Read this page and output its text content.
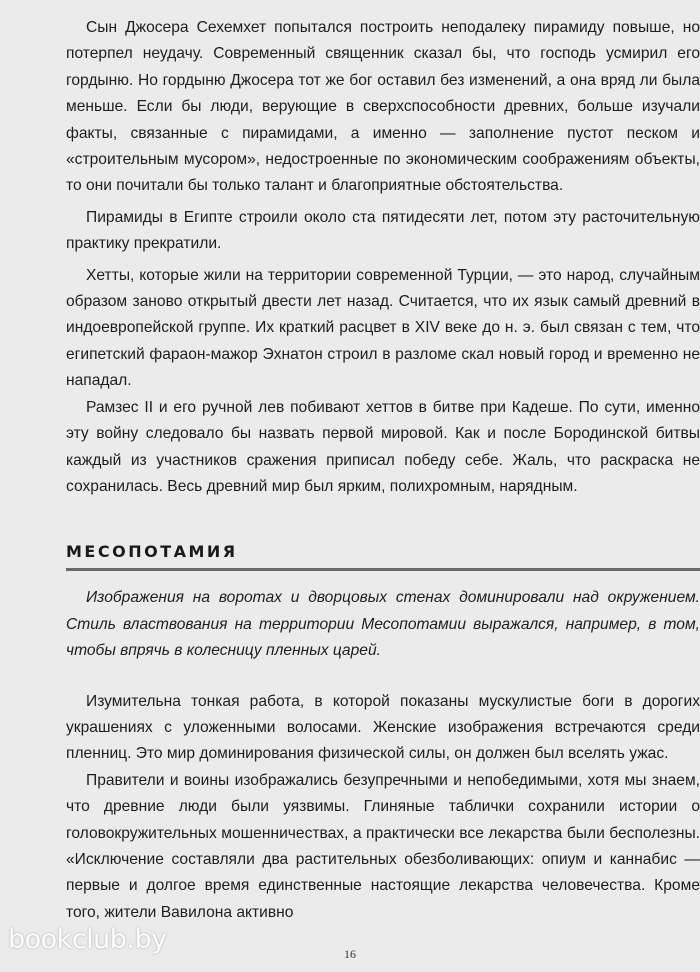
Сын Джосера Сехемхет попытался построить неподалеку пирамиду повыше, но потерпел неудачу. Современный священник сказал бы, что господь усмирил его гордыню. Но гордыню Джосера тот же бог оставил без изменений, а она вряд ли была меньше. Если бы люди, верующие в сверхспособности древних, больше изучали факты, связанные с пирамидами, а именно — заполнение пустот песком и «строительным мусором», недостроенные по экономическим соображениям объекты, то они почитали бы только талант и благоприятные обстоятельства.

Пирамиды в Египте строили около ста пятидесяти лет, потом эту расточительную практику прекратили.

Хетты, которые жили на территории современной Турции, — это народ, случайным образом заново открытый двести лет назад. Считается, что их язык самый древний в индоевропейской группе. Их краткий расцвет в XIV веке до н. э. был связан с тем, что египетский фараон-мажор Эхнатон строил в разломе скал новый город и временно не нападал.

Рамзес II и его ручной лев побивают хеттов в битве при Кадеше. По сути, именно эту войну следовало бы назвать первой мировой. Как и после Бородинской битвы каждый из участников сражения приписал победу себе. Жаль, что раскраска не сохранилась. Весь древний мир был ярким, полихромным, нарядным.

МЕСОПОТАМИЯ

Изображения на воротах и дворцовых стенах доминировали над окружением. Стиль властвования на территории Месопотамии выражался, например, в том, чтобы впрячь в колесницу пленных царей.

Изумительна тонкая работа, в которой показаны мускулистые боги в дорогих украшениях с уложенными волосами. Женские изображения встречаются среди пленниц. Это мир доминирования физической силы, он должен был вселять ужас.

Правители и воины изображались безупречными и непобедимыми, хотя мы знаем, что древние люди были уязвимы. Глиняные таблички сохранили истории о головокружительных мошенничествах, а практически все лекарства были бесполезны. «Исключение составляли два растительных обезболивающих: опиум и каннабис — первые и долгое время единственные настоящие лекарства человечества. Кроме того, жители Вавилона активно

16
bookclub.by
